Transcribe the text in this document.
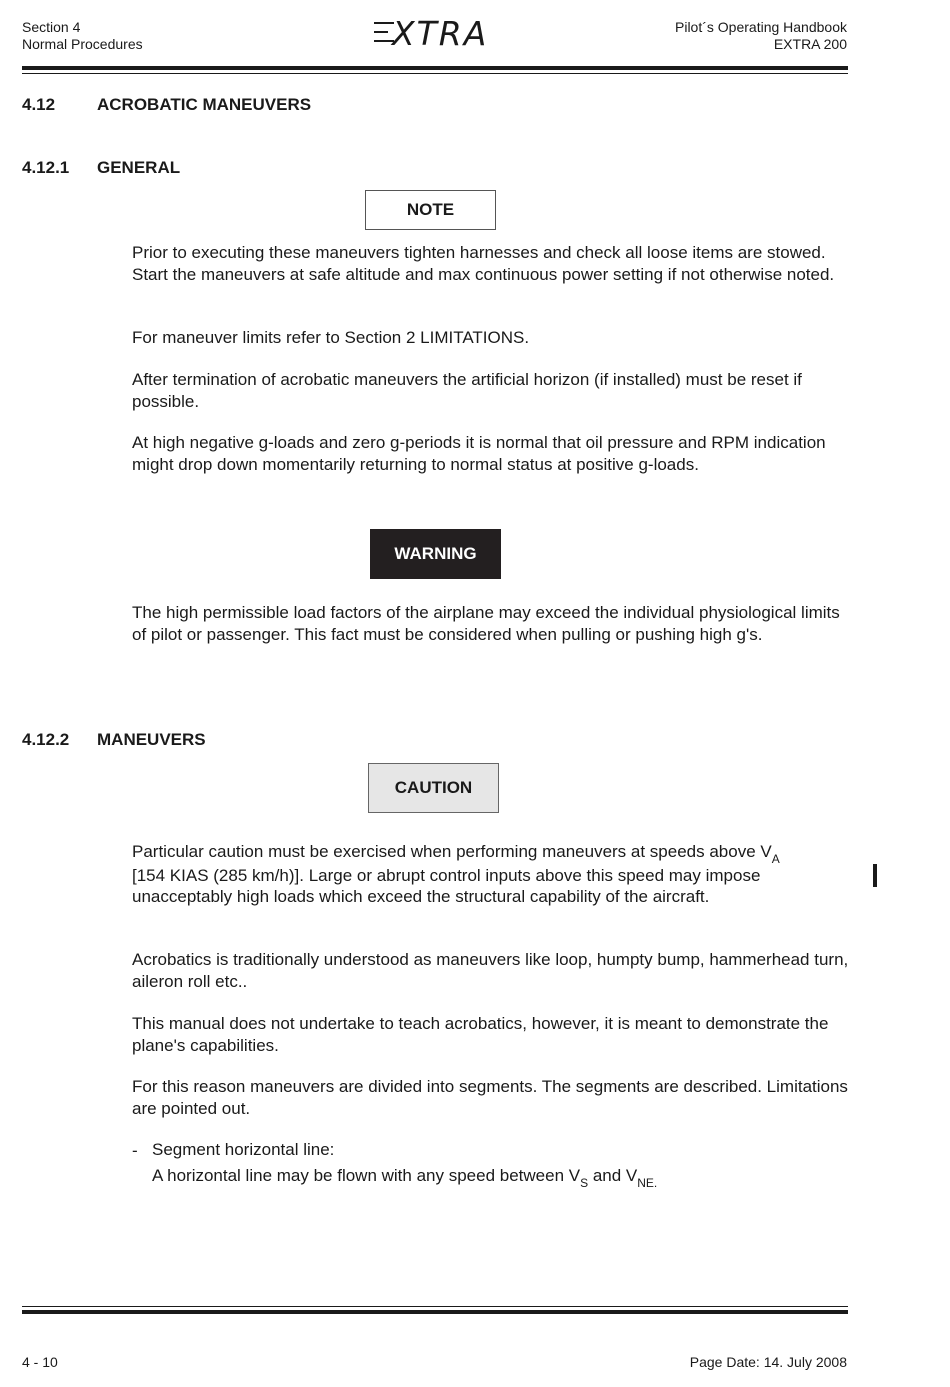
Section 4
Normal Procedures	XTRA	Pilot´s Operating Handbook
EXTRA 200
4.12 ACROBATIC MANEUVERS
4.12.1 GENERAL
NOTE
Prior to executing these maneuvers tighten harnesses and check all loose items are stowed. Start the maneuvers at safe altitude and max continuous power setting if not otherwise noted.
For maneuver limits refer to Section 2 LIMITATIONS.
After termination of acrobatic maneuvers the artificial horizon (if installed) must be reset if possible.
At high negative g-loads and zero g-periods it is normal that oil pressure and RPM indication might drop down momentarily returning to normal status at positive g-loads.
WARNING
The high permissible load factors of the airplane may exceed the individual physiological limits of pilot or passenger. This fact must be considered when pulling or pushing high g's.
4.12.2 MANEUVERS
CAUTION
Particular caution must be exercised when performing maneuvers at speeds above $V_A$ [154 KIAS (285 km/h)]. Large or abrupt control inputs above this speed may impose unacceptably high loads which exceed the structural capability of the aircraft.
Acrobatics is traditionally understood as maneuvers like loop, humpty bump, hammerhead turn, aileron roll etc..
This manual does not undertake to teach acrobatics, however, it is meant to demonstrate the plane's capabilities.
For this reason maneuvers are divided into segments. The segments are described. Limitations are pointed out.
- Segment horizontal line:
A horizontal line may be flown with any speed between $V_S$ and $V_{NE.}$
4 - 10	Page Date: 14. July 2008
